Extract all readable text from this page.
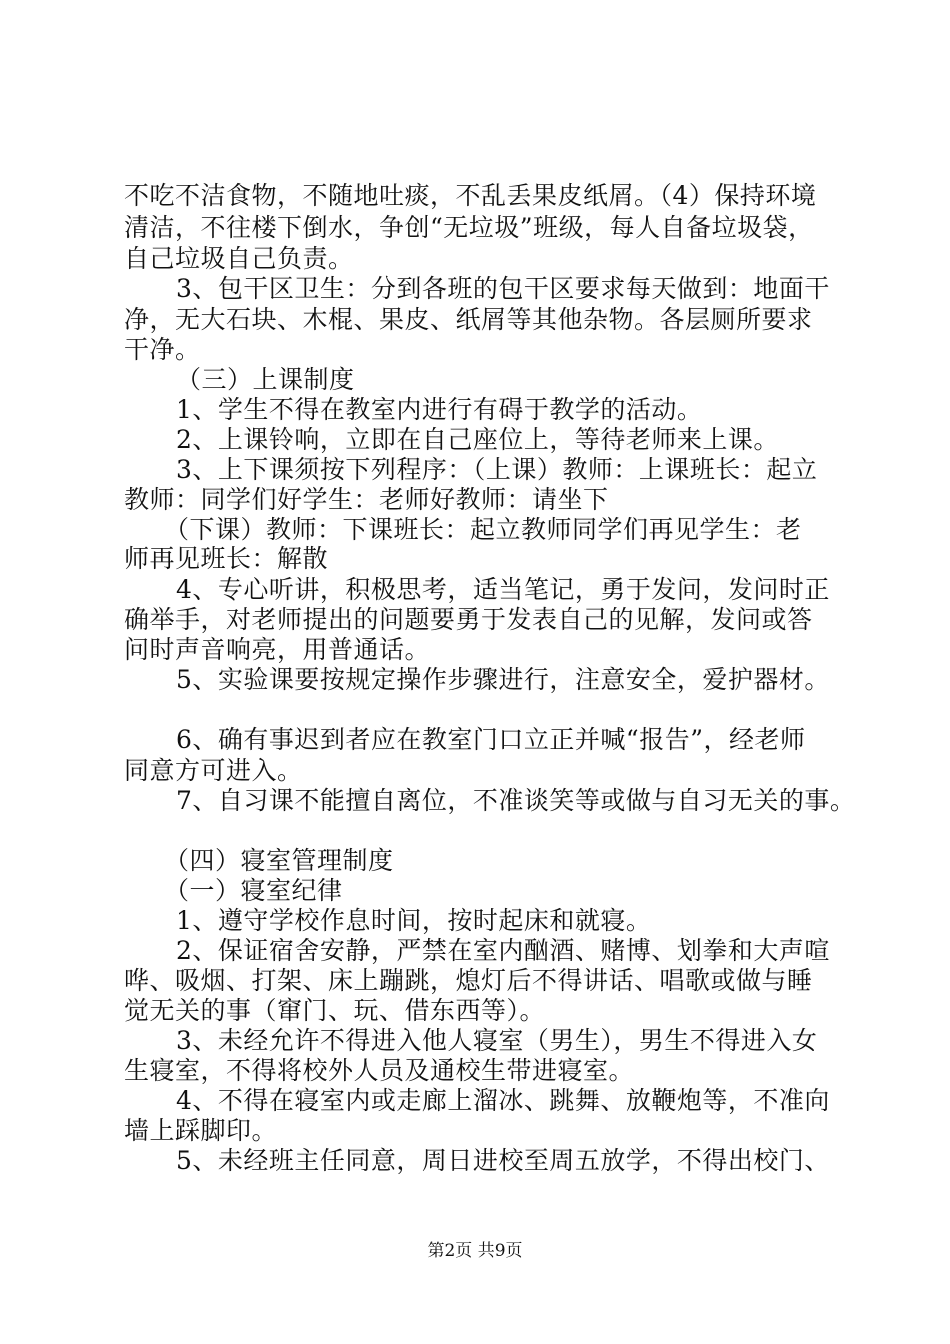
不吃不洁食物，不随地吐痰，不乱丢果皮纸屑。（4）保持环境
清洁，不往楼下倒水，争创“无垃圾”班级，每人自备垃圾袋，
自己垃圾自己负责。
3、包干区卫生：分到各班的包干区要求每天做到：地面干
净，无大石块、木棍、果皮、纸屑等其他杂物。各层厕所要求
干净。
（三）上课制度
1、学生不得在教室内进行有碍于教学的活动。
2、上课铃响，立即在自己座位上，等待老师来上课。
3、上下课须按下列程序：（上课）教师：上课班长：起立
教师：同学们好学生：老师好教师：请坐下
（下课）教师：下课班长：起立教师同学们再见学生：老
师再见班长：解散
4、专心听讲，积极思考，适当笔记，勇于发问，发问时正
确举手，对老师提出的问题要勇于发表自己的见解，发问或答
问时声音响亮，用普通话。
5、实验课要按规定操作步骤进行，注意安全，爱护器材。
6、确有事迟到者应在教室门口立正并喊“报告”，经老师
同意方可进入。
7、自习课不能擅自离位，不准谈笑等或做与自习无关的事。
（四）寝室管理制度
（一）寝室纪律
1、遵守学校作息时间，按时起床和就寝。
2、保证宿舍安静，严禁在室内酗酒、赌博、划拳和大声喧
哗、吸烟、打架、床上蹦跳，熄灯后不得讲话、唱歌或做与睡
觉无关的事（窜门、玩、借东西等）。
3、未经允许不得进入他人寝室（男生），男生不得进入女
生寝室，不得将校外人员及通校生带进寝室。
4、不得在寝室内或走廊上溜冰、跳舞、放鞭炮等，不准向
墙上踩脚印。
5、未经班主任同意，周日进校至周五放学，不得出校门、
第2页 共9页
